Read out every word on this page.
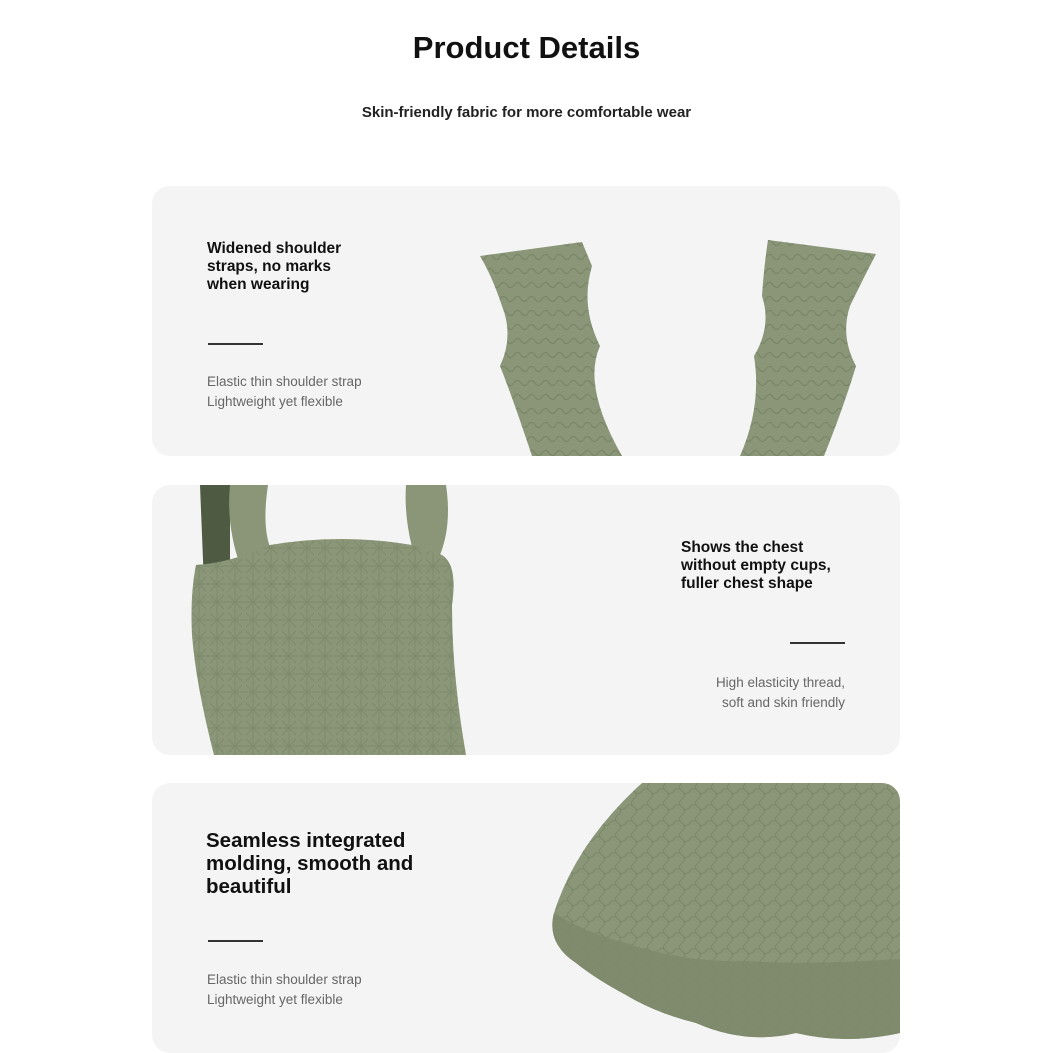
Product Details
Skin-friendly fabric for more comfortable wear
Widened shoulder
straps, no marks
when wearing
Elastic thin shoulder strap
Lightweight yet flexible
Shows the chest
without empty cups,
fuller chest shape
High elasticity thread,
soft and skin friendly
Seamless integrated
molding, smooth and
beautiful
Elastic thin shoulder strap
Lightweight yet flexible
